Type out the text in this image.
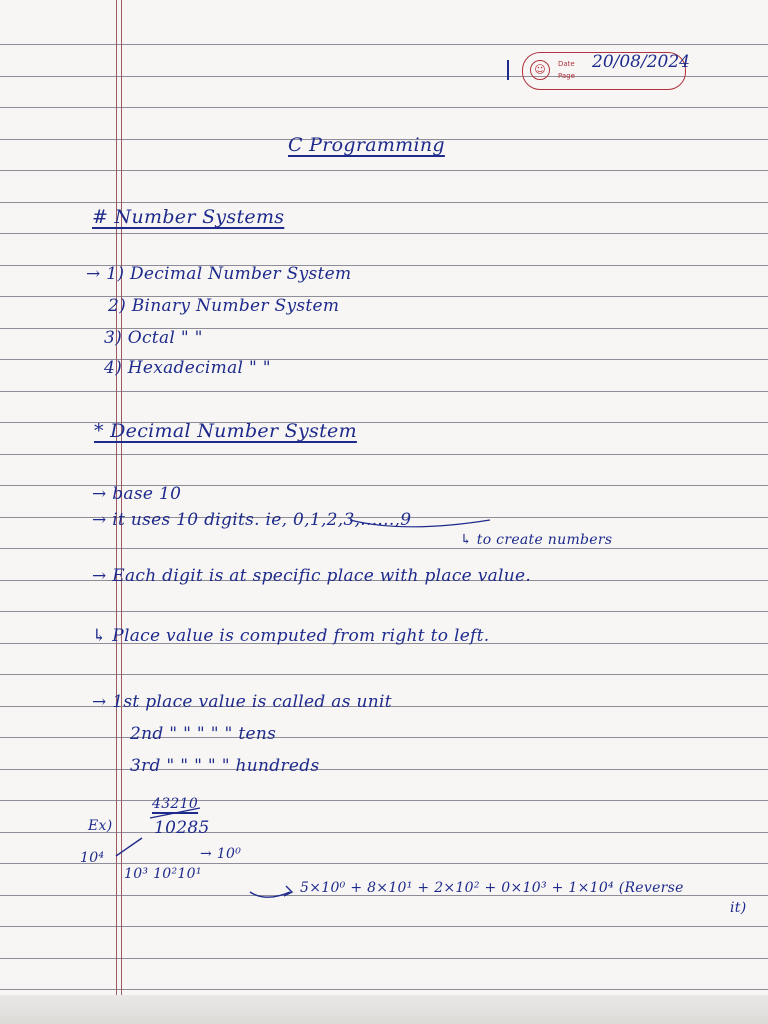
☺	Date
Page
20/08/2024
C Programming
# Number Systems
→ 1) Decimal Number System
2) Binary Number System
3) Octal " "
4) Hexadecimal " "
* Decimal Number System
→ base 10
→ it uses 10 digits. ie, 0,1,2,3,......,9
↳ to create numbers
→ Each digit is at specific place with place value.
↳ Place value is computed from right to left.
→ 1st place value is called as unit
2nd " " " " " tens
3rd " " " " " hundreds
43210
Ex) 10285
10⁴	→ 10⁰
10³ 10²10¹
5×10⁰ + 8×10¹ + 2×10² + 0×10³ + 1×10⁴ (Reverse
it)
